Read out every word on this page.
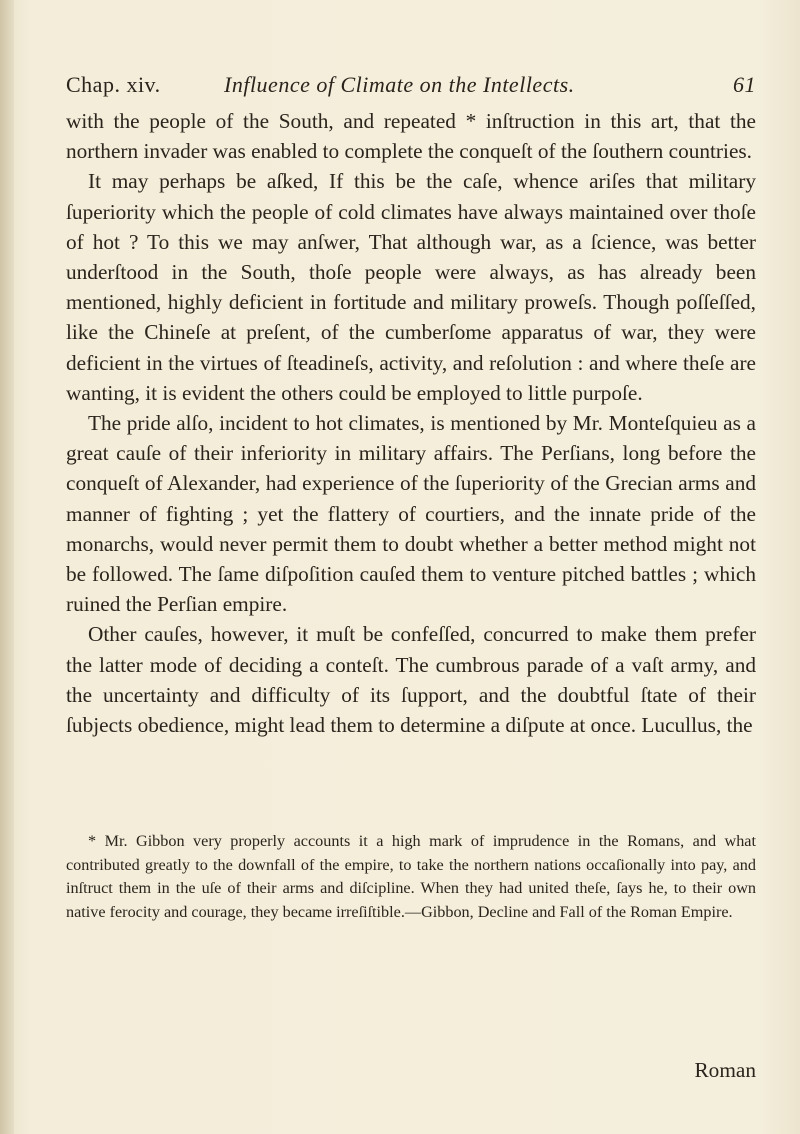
Chap. xiv.	Influence of Climate on the Intellects.	61

with the people of the South, and repeated * inſtruction in this art, that the northern invader was enabled to complete the conqueſt of the ſouthern countries.

It may perhaps be aſked, If this be the caſe, whence ariſes that military ſuperiority which the people of cold climates have always maintained over thoſe of hot ? To this we may anſwer, That although war, as a ſcience, was better underſtood in the South, thoſe people were always, as has already been mentioned, highly deficient in fortitude and military proweſs. Though poſſeſſed, like the Chineſe at preſent, of the cumberſome apparatus of war, they were deficient in the virtues of ſteadineſs, activity, and reſolution : and where theſe are wanting, it is evident the others could be employed to little purpoſe.

The pride alſo, incident to hot climates, is mentioned by Mr. Monteſquieu as a great cauſe of their inferiority in military affairs. The Perſians, long before the conqueſt of Alexander, had experience of the ſuperiority of the Grecian arms and manner of fighting ; yet the flattery of courtiers, and the innate pride of the monarchs, would never permit them to doubt whether a better method might not be followed. The ſame diſpoſition cauſed them to venture pitched battles ; which ruined the Perſian empire.

Other cauſes, however, it muſt be confeſſed, concurred to make them prefer the latter mode of deciding a conteſt. The cumbrous parade of a vaſt army, and the uncertainty and difficulty of its ſupport, and the doubtful ſtate of their ſubjects obedience, might lead them to determine a diſpute at once. Lucullus, the

* Mr. Gibbon very properly accounts it a high mark of imprudence in the Romans, and what contributed greatly to the downfall of the empire, to take the northern nations occaſionally into pay, and inſtruct them in the uſe of their arms and diſcipline. When they had united theſe, ſays he, to their own native ferocity and courage, they became irreſiſtible.—Gibbon, Decline and Fall of the Roman Empire.

Roman
